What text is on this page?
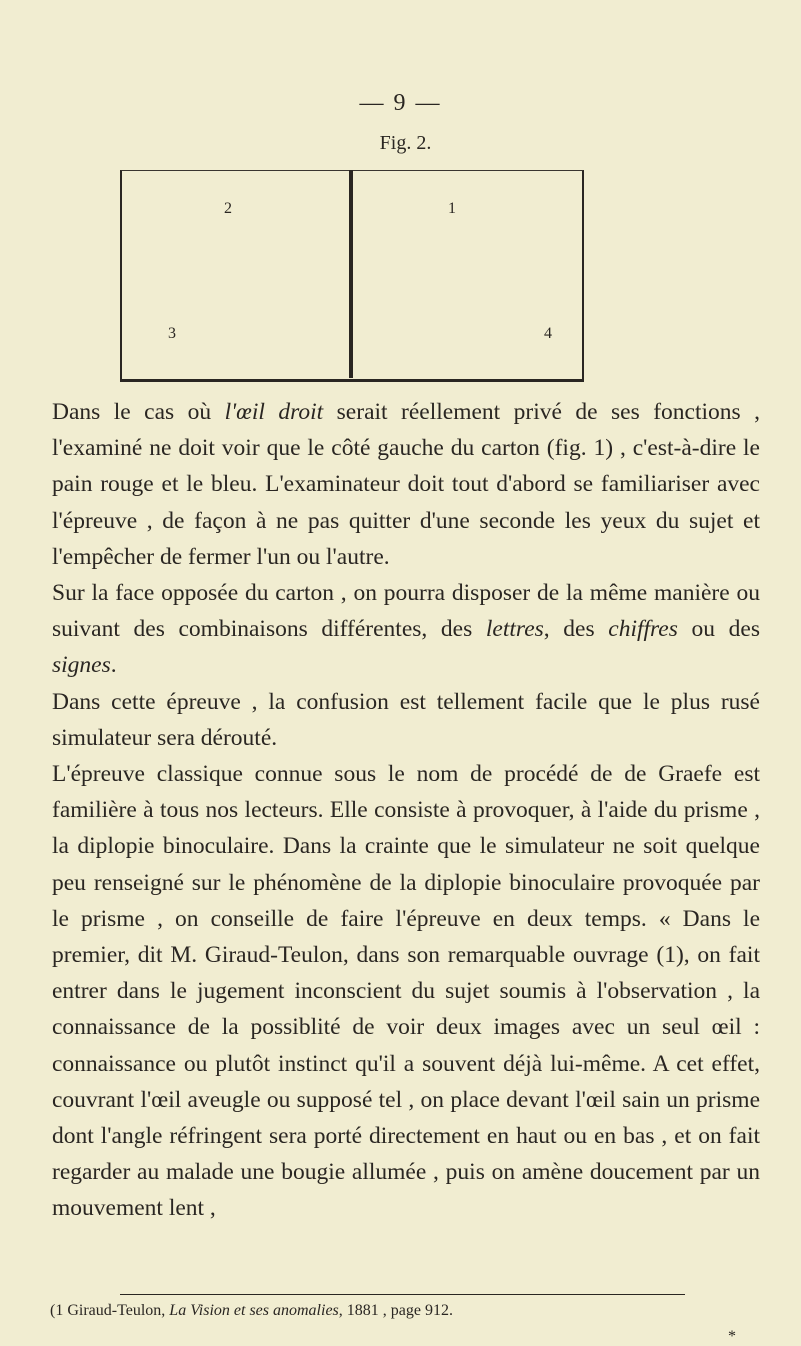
— 9 —
Fig. 2.
2	1
3	4

Dans le cas où l'œil droit serait réellement privé de ses fonctions , l'examiné ne doit voir que le côté gauche du carton (fig. 1) , c'est-à-dire le pain rouge et le bleu. L'examinateur doit tout d'abord se familiariser avec l'épreuve , de façon à ne pas quitter d'une seconde les yeux du sujet et l'empêcher de fermer l'un ou l'autre.

Sur la face opposée du carton , on pourra disposer de la même manière ou suivant des combinaisons différentes, des lettres, des chiffres ou des signes.

Dans cette épreuve , la confusion est tellement facile que le plus rusé simulateur sera dérouté.

L'épreuve classique connue sous le nom de procédé de de Graefe est familière à tous nos lecteurs. Elle consiste à provoquer, à l'aide du prisme , la diplopie binoculaire. Dans la crainte que le simulateur ne soit quelque peu renseigné sur le phénomène de la diplopie binoculaire provoquée par le prisme , on conseille de faire l'épreuve en deux temps. « Dans le premier, dit M. Giraud-Teulon, dans son remarquable ouvrage (1), on fait entrer dans le jugement inconscient du sujet soumis à l'observation , la connaissance de la possiblité de voir deux images avec un seul œil : connaissance ou plutôt instinct qu'il a souvent déjà lui-même. A cet effet, couvrant l'œil aveugle ou supposé tel , on place devant l'œil sain un prisme dont l'angle réfringent sera porté directement en haut ou en bas , et on fait regarder au malade une bougie allumée , puis on amène doucement par un mouvement lent ,

(1 Giraud-Teulon, La Vision et ses anomalies, 1881 , page 912.
*
